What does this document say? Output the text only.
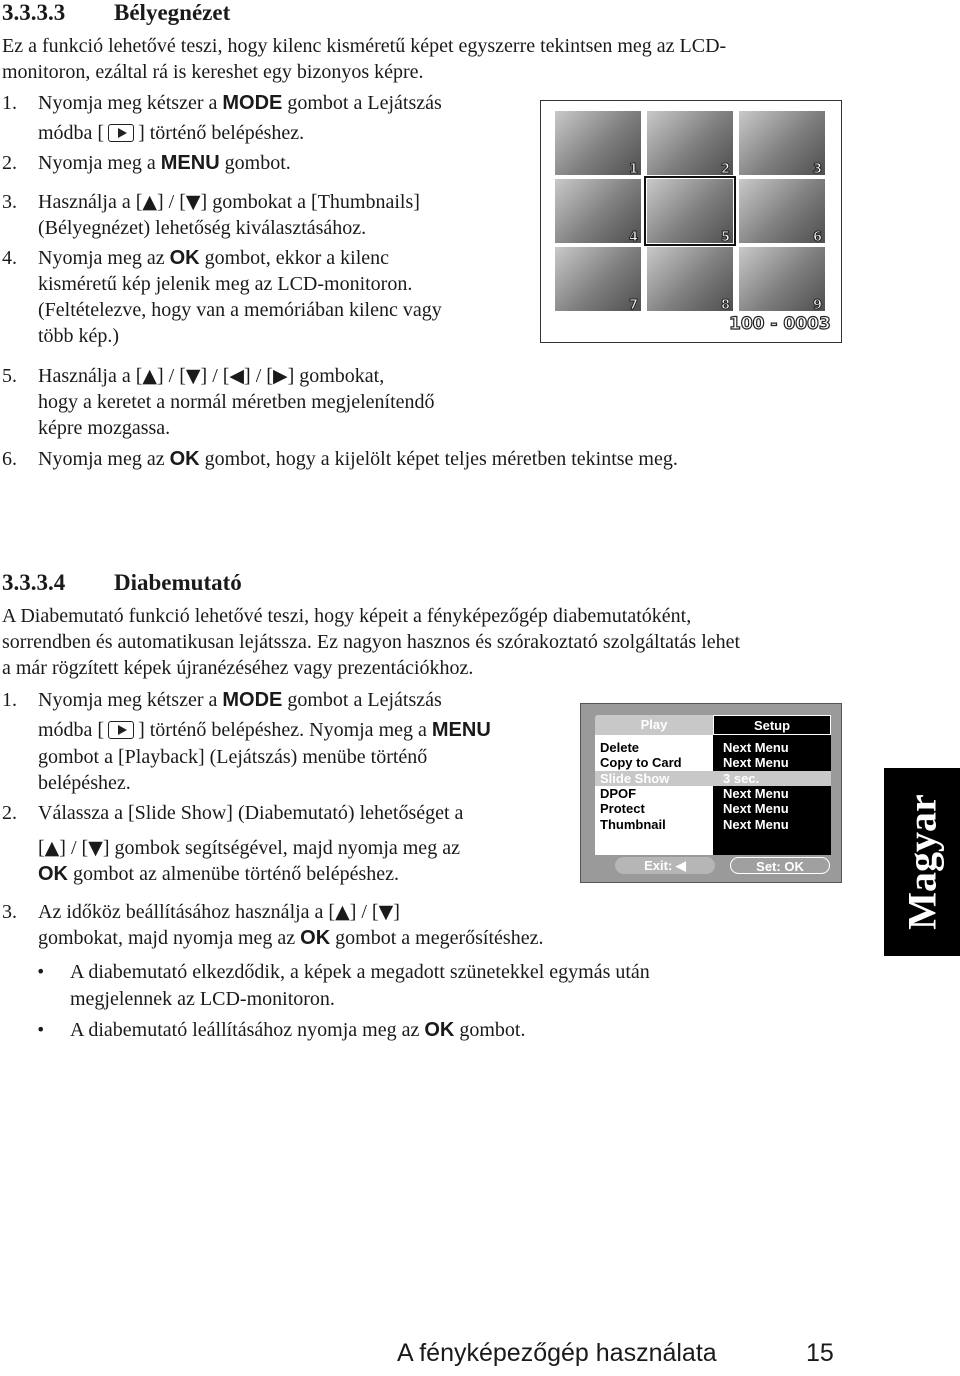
3.3.3.3 Bélyegnézet
Ez a funkció lehetővé teszi, hogy kilenc kisméretű képet egyszerre tekintsen meg az LCD-
monitoron, ezáltal rá is kereshet egy bizonyos képre.
1. Nyomja meg kétszer a MODE gombot a Lejátszás
módba [ ] történő belépéshez.
2. Nyomja meg a MENU gombot.
3. Használja a [▲] / [▼] gombokat a [Thumbnails]
(Bélyegnézet) lehetőség kiválasztásához.
4. Nyomja meg az OK gombot, ekkor a kilenc
kisméretű kép jelenik meg az LCD-monitoron.
(Feltételezve, hogy van a memóriában kilenc vagy
több kép.)
5. Használja a [▲] / [▼] / [◀] / [▶] gombokat,
hogy a keretet a normál méretben megjelenítendő
képre mozgassa.
6. Nyomja meg az OK gombot, hogy a kijelölt képet teljes méretben tekintse meg.
1	2	3
4	5	6
7	8	9
100 - 0003
3.3.3.4 Diabemutató
A Diabemutató funkció lehetővé teszi, hogy képeit a fényképezőgép diabemutatóként,
sorrendben és automatikusan lejátssza. Ez nagyon hasznos és szórakoztató szolgáltatás lehet
a már rögzített képek újranézéséhez vagy prezentációkhoz.
1. Nyomja meg kétszer a MODE gombot a Lejátszás
módba [ ] történő belépéshez. Nyomja meg a MENU
gombot a [Playback] (Lejátszás) menübe történő
belépéshez.
2. Válassza a [Slide Show] (Diabemutató) lehetőséget a
[▲] / [▼] gombok segítségével, majd nyomja meg az
OK gombot az almenübe történő belépéshez.
3. Az időköz beállításához használja a [▲] / [▼]
gombokat, majd nyomja meg az OK gombot a megerősítéshez.
• A diabemutató elkezdődik, a képek a megadott szünetekkel egymás után
megjelennek az LCD-monitoron.
• A diabemutató leállításához nyomja meg az OK gombot.
Play	Setup
Delete	Next Menu
Copy to Card	Next Menu
Slide Show	3 sec.
DPOF	Next Menu
Protect	Next Menu
Thumbnail	Next Menu
Exit: ◀	Set: OK	Magyar
A fényképezőgép használata	15
